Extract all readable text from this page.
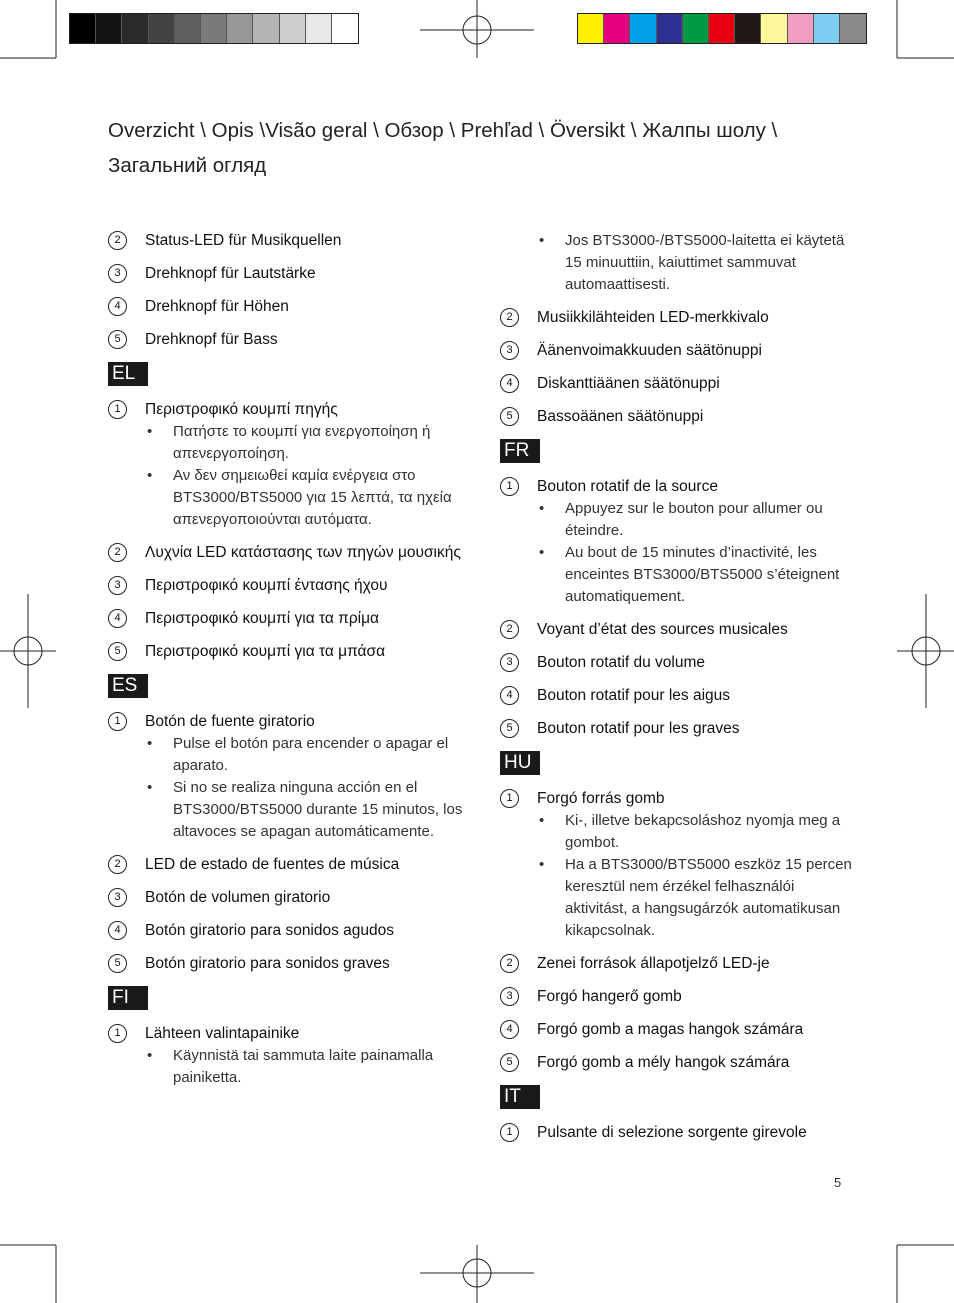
Overzicht \ Opis \Visão geral \ Обзор \ Prehľad \ Översikt \ Жалпы шолу \
Загальний огляд
2	Status-LED für Musikquellen
3	Drehknopf für Lautstärke
4	Drehknopf für Höhen
5	Drehknopf für Bass
EL
1	Περιστροφικό κουμπί πηγής
• Πατήστε το κουμπί για ενεργοποίηση ή απενεργοποίηση.
• Αν δεν σημειωθεί καμία ενέργεια στο BTS3000/BTS5000 για 15 λεπτά, τα ηχεία απενεργοποιούνται αυτόματα.
2	Λυχνία LED κατάστασης των πηγών μουσικής
3	Περιστροφικό κουμπί έντασης ήχου
4	Περιστροφικό κουμπί για τα πρίμα
5	Περιστροφικό κουμπί για τα μπάσα
ES
1	Botón de fuente giratorio
• Pulse el botón para encender o apagar el aparato.
• Si no se realiza ninguna acción en el BTS3000/BTS5000 durante 15 minutos, los altavoces se apagan automáticamente.
2	LED de estado de fuentes de música
3	Botón de volumen giratorio
4	Botón giratorio para sonidos agudos
5	Botón giratorio para sonidos graves
FI
1	Lähteen valintapainike
• Käynnistä tai sammuta laite painamalla painiketta.
• Jos BTS3000-/BTS5000-laitetta ei käytetä 15 minuuttiin, kaiuttimet sammuvat automaattisesti.
2	Musiikkilähteiden LED-merkkivalo
3	Äänenvoimakkuuden säätönuppi
4	Diskanttiäänen säätönuppi
5	Bassoäänen säätönuppi
FR
1	Bouton rotatif de la source
• Appuyez sur le bouton pour allumer ou éteindre.
• Au bout de 15 minutes d’inactivité, les enceintes BTS3000/BTS5000 s’éteignent automatiquement.
2	Voyant d’état des sources musicales
3	Bouton rotatif du volume
4	Bouton rotatif pour les aigus
5	Bouton rotatif pour les graves
HU
1	Forgó forrás gomb
• Ki-, illetve bekapcsoláshoz nyomja meg a gombot.
• Ha a BTS3000/BTS5000 eszköz 15 percen keresztül nem érzékel felhasználói aktivitást, a hangsugárzók automatikusan kikapcsolnak.
2	Zenei források állapotjelző LED-je
3	Forgó hangerő gomb
4	Forgó gomb a magas hangok számára
5	Forgó gomb a mély hangok számára
IT
1	Pulsante di selezione sorgente girevole
5
